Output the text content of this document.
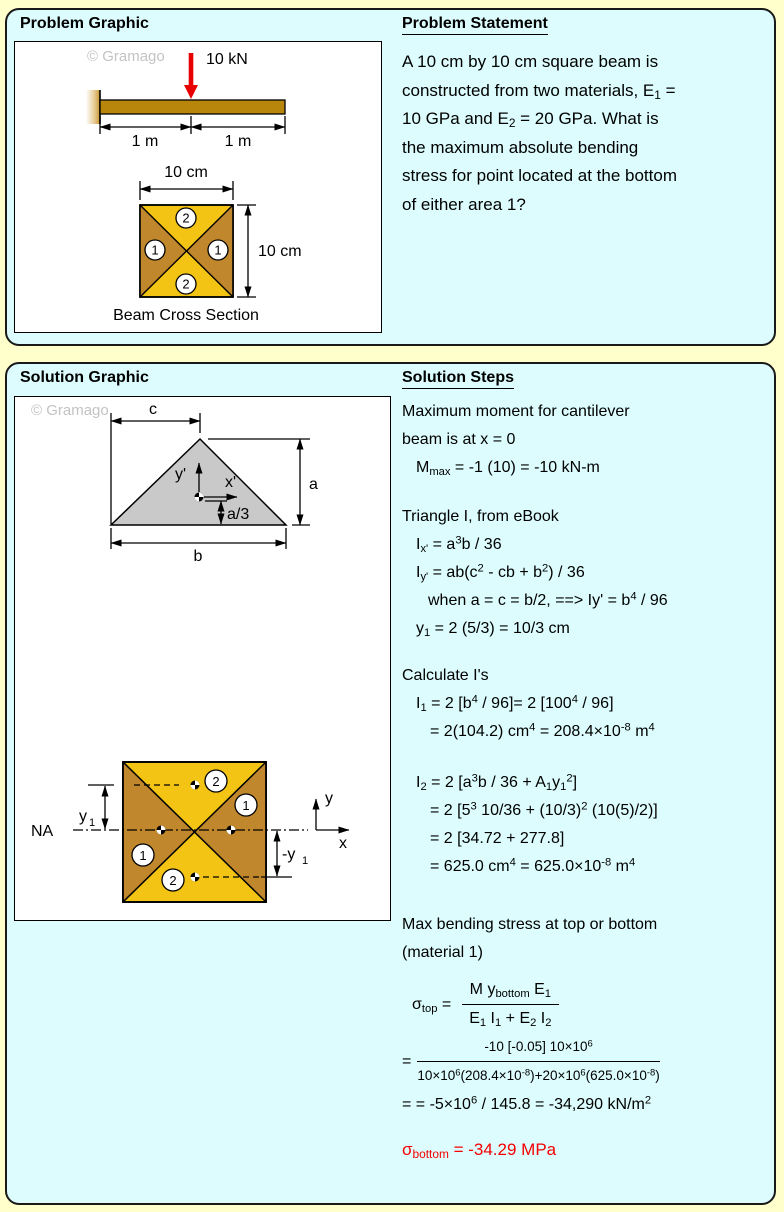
Problem Graphic
© Gramago	10 kN
1 m	1 m
10 cm
2
1	1
2
10 cm
Beam Cross Section
Problem Statement
A 10 cm by 10 cm square beam is
constructed from two materials, $E_1$ =
10 GPa and $E_2 = 20$ GPa. What is
the maximum absolute bending
stress for point located at the bottom
of either area 1?
Solution Graphic
© Gramago	c
a
b
y' x'
a/3
NA
y 1
-y 1
2
1
1
2
y
x
Solution Steps
Maximum moment for cantilever
beam is at x = 0
$M_{max} = -1$ (10) = -10 kN-m
Triangle I, from eBook
$I_{x'} = a^3b / 36$
$I_{y'} = ab(c^2$ - cb + $b^2) / 36$
when a = c = b/2, ==> $Iy' = b^4 / 96$
$y_1 = 2$ (5/3) = 10/3 cm
Calculate I's
$I_1 = 2$ $[b^4 / 96]= 2$ $[100^4 / 96]$
= 2(104.2) $cm^4 = 208.4\times 10^{-8}$ $m^4$
$I_2 = 2$ $[a^3b / 36 + A_1y_1^2]$
= 2 [$5^3$ $10/36 + (10/3)^2$ (10(5)/2)]
= 2 [34.72 + 277.8]
= 625.0 $cm^4 = 625.0\times 10^{-8}$ $m^4$
Max bending stress at top or bottom
(material 1)
$\sigma_{top} = \frac{M y_{bottom} E_1}{E_1 I_1 + E_2 I_2}$
= $\frac{-10 [-0.05] 10\times 10^6}{10\times 10^6(208.4\times 10^{-8})+20\times 10^6(625.0\times 10^{-8})}$
= = $-5\times 10^6 / 145.8 = -34,290$ $kN/m^2$
$\sigma_{bottom} = -34.29$ MPa
